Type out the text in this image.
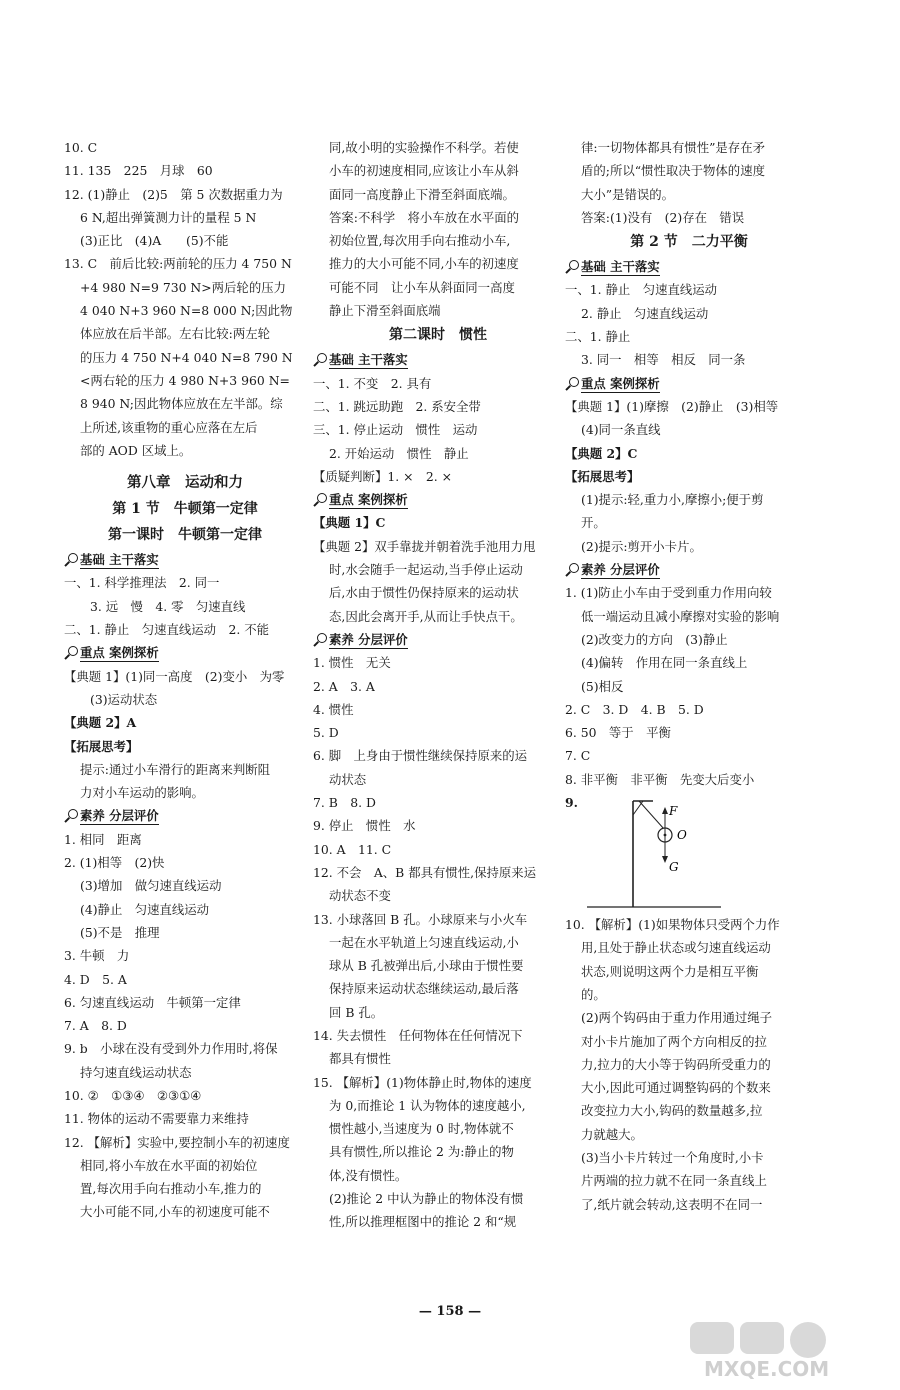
10. C
11. 135　225　月球　60
12. (1)静止　(2)5　第 5 次数据重力为
6 N,超出弹簧测力计的量程 5 N
(3)正比　(4)A　　(5)不能
13. C　前后比较:两前轮的压力 4 750 N
+4 980 N=9 730 N>两后轮的压力
4 040 N+3 960 N=8 000 N;因此物
体应放在后半部。左右比较:两左轮
的压力 4 750 N+4 040 N=8 790 N
<两右轮的压力 4 980 N+3 960 N=
8 940 N;因此物体应放在左半部。综
上所述,该重物的重心应落在左后
部的 AOD 区域上。
第八章　运动和力
第 1 节　牛顿第一定律
第一课时　牛顿第一定律
基础 主干落实
一、1. 科学推理法　2. 同一
3. 远　慢　4. 零　匀速直线
二、1. 静止　匀速直线运动　2. 不能
重点 案例探析
【典题 1】(1)同一高度　(2)变小　为零
(3)运动状态
【典题 2】A
【拓展思考】
提示:通过小车滑行的距离来判断阻
力对小车运动的影响。
素养 分层评价
1. 相同　距离
2. (1)相等　(2)快
(3)增加　做匀速直线运动
(4)静止　匀速直线运动
(5)不是　推理
3. 牛顿　力
4. D　5. A
6. 匀速直线运动　牛顿第一定律
7. A　8. D
9. b　小球在没有受到外力作用时,将保
持匀速直线运动状态
10. ②　①③④　②③①④
11. 物体的运动不需要靠力来维持
12. 【解析】实验中,要控制小车的初速度
相同,将小车放在水平面的初始位
置,每次用手向右推动小车,推力的
大小可能不同,小车的初速度可能不
同,故小明的实验操作不科学。若使
小车的初速度相同,应该让小车从斜
面同一高度静止下滑至斜面底端。
答案:不科学　将小车放在水平面的
初始位置,每次用手向右推动小车,
推力的大小可能不同,小车的初速度
可能不同　让小车从斜面同一高度
静止下滑至斜面底端
第二课时　惯性
基础 主干落实
一、1. 不变　2. 具有
二、1. 跳远助跑　2. 系安全带
三、1. 停止运动　惯性　运动
2. 开始运动　惯性　静止
【质疑判断】1. ×　2. ×
重点 案例探析
【典题 1】C
【典题 2】双手靠拢并朝着洗手池用力甩
时,水会随手一起运动,当手停止运动
后,水由于惯性仍保持原来的运动状
态,因此会离开手,从而让手快点干。
素养 分层评价
1. 惯性　无关
2. A　3. A
4. 惯性
5. D
6. 脚　上身由于惯性继续保持原来的运
动状态
7. B　8. D
9. 停止　惯性　水
10. A　11. C
12. 不会　A、B 都具有惯性,保持原来运
动状态不变
13. 小球落回 B 孔。小球原来与小火车
一起在水平轨道上匀速直线运动,小
球从 B 孔被弹出后,小球由于惯性要
保持原来运动状态继续运动,最后落
回 B 孔。
14. 失去惯性　任何物体在任何情况下
都具有惯性
15. 【解析】(1)物体静止时,物体的速度
为 0,而推论 1 认为物体的速度越小,
惯性越小,当速度为 0 时,物体就不
具有惯性,所以推论 2 为:静止的物
体,没有惯性。
(2)推论 2 中认为静止的物体没有惯
性,所以推理框图中的推论 2 和“规
律:一切物体都具有惯性”是存在矛
盾的;所以“惯性取决于物体的速度
大小”是错误的。
答案:(1)没有　(2)存在　错误
第 2 节　二力平衡
基础 主干落实
一、1. 静止　匀速直线运动
2. 静止　匀速直线运动
二、1. 静止
3. 同一　相等　相反　同一条
重点 案例探析
【典题 1】(1)摩擦　(2)静止　(3)相等
(4)同一条直线
【典题 2】C
【拓展思考】
(1)提示:轻,重力小,摩擦小;便于剪
开。
(2)提示:剪开小卡片。
素养 分层评价
1. (1)防止小车由于受到重力作用向较
低一端运动且减小摩擦对实验的影响
(2)改变力的方向　(3)静止
(4)偏转　作用在同一条直线上
(5)相反
2. C　3. D　4. B　5. D
6. 50　等于　平衡
7. C
8. 非平衡　非平衡　先变大后变小
9.
F
O
G
10. 【解析】(1)如果物体只受两个力作
用,且处于静止状态或匀速直线运动
状态,则说明这两个力是相互平衡
的。
(2)两个钩码由于重力作用通过绳子
对小卡片施加了两个方向相反的拉
力,拉力的大小等于钩码所受重力的
大小,因此可通过调整钩码的个数来
改变拉力大小,钩码的数量越多,拉
力就越大。
(3)当小卡片转过一个角度时,小卡
片两端的拉力就不在同一条直线上
了,纸片就会转动,这表明不在同一
— 158 —
MXQE.COM
